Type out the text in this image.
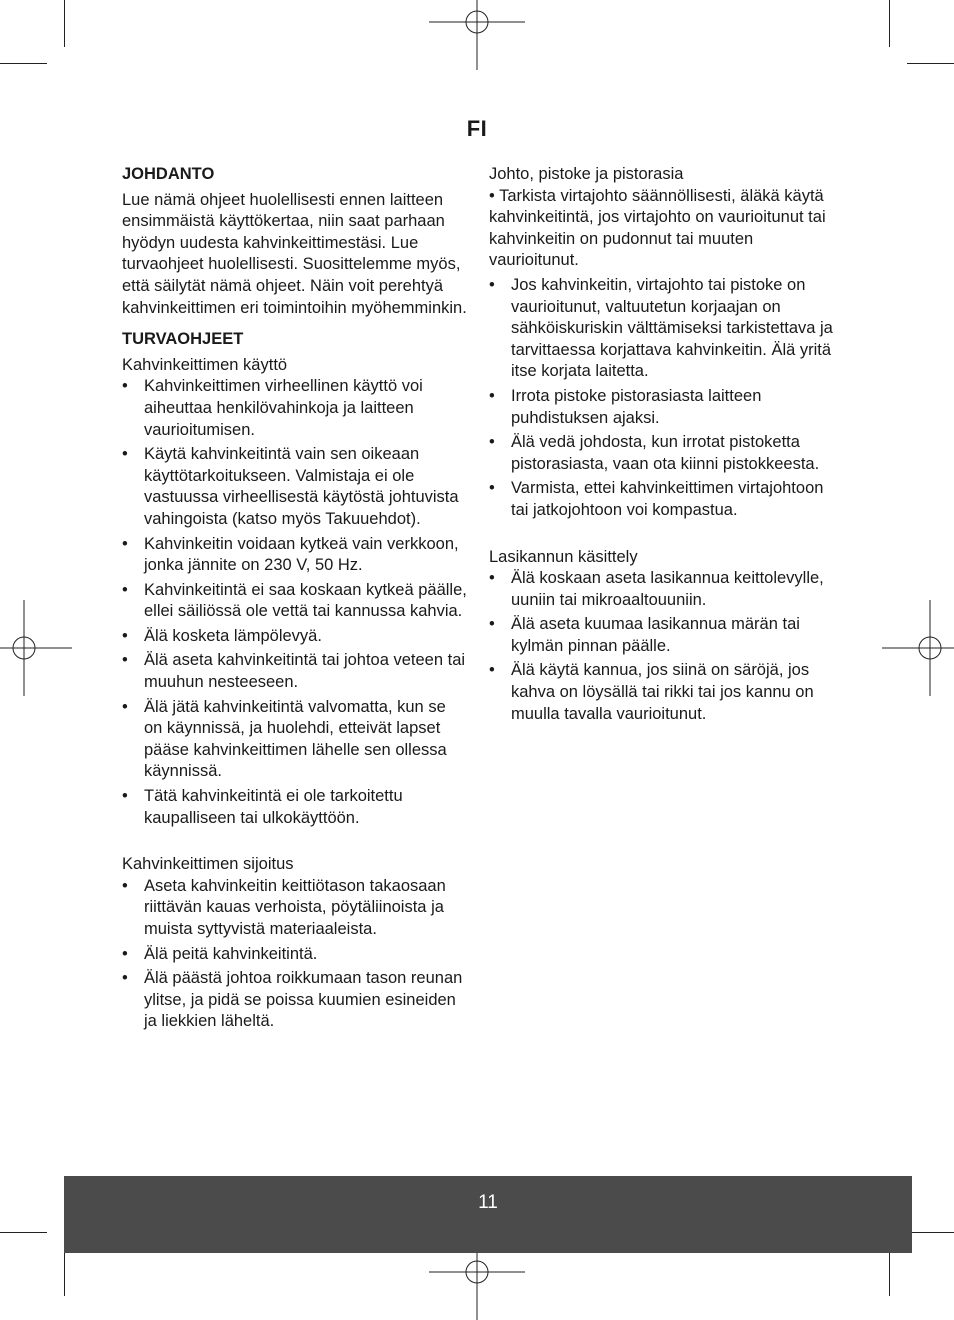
FI

JOHDANTO

Lue nämä ohjeet huolellisesti ennen laitteen ensimmäistä käyttökertaa, niin saat parhaan hyödyn uudesta kahvinkeittimestäsi. Lue turvaohjeet huolellisesti. Suosittelemme myös, että säilytät nämä ohjeet. Näin voit perehtyä kahvinkeittimen eri toimintoihin myöhemminkin.

TURVAOHJEET

Kahvinkeittimen käyttö

• Kahvinkeittimen virheellinen käyttö voi aiheuttaa henkilövahinkoja ja laitteen vaurioitumisen.
• Käytä kahvinkeitintä vain sen oikeaan käyttötarkoitukseen. Valmistaja ei ole vastuussa virheellisestä käytöstä johtuvista vahingoista (katso myös Takuuehdot).
• Kahvinkeitin voidaan kytkeä vain verkkoon, jonka jännite on 230 V, 50 Hz.
• Kahvinkeitintä ei saa koskaan kytkeä päälle, ellei säiliössä ole vettä tai kannussa kahvia.
• Älä kosketa lämpölevyä.
• Älä aseta kahvinkeitintä tai johtoa veteen tai muuhun nesteeseen.
• Älä jätä kahvinkeitintä valvomatta, kun se on käynnissä, ja huolehdi, etteivät lapset pääse kahvinkeittimen lähelle sen ollessa käynnissä.
• Tätä kahvinkeitintä ei ole tarkoitettu kaupalliseen tai ulkokäyttöön.

Kahvinkeittimen sijoitus

• Aseta kahvinkeitin keittiötason takaosaan riittävän kauas verhoista, pöytäliinoista ja muista syttyvistä materiaaleista.
• Älä peitä kahvinkeitintä.
• Älä päästä johtoa roikkumaan tason reunan ylitse, ja pidä se poissa kuumien esineiden ja liekkien läheltä.

Johto, pistoke ja pistorasia

• Tarkista virtajohto säännöllisesti, äläkä käytä kahvinkeitintä, jos virtajohto on vaurioitunut tai kahvinkeitin on pudonnut tai muuten vaurioitunut.
• Jos kahvinkeitin, virtajohto tai pistoke on vaurioitunut, valtuutetun korjaajan on sähköiskuriskin välttämiseksi tarkistettava ja tarvittaessa korjattava kahvinkeitin. Älä yritä itse korjata laitetta.
• Irrota pistoke pistorasiasta laitteen puhdistuksen ajaksi.
• Älä vedä johdosta, kun irrotat pistoketta pistorasiasta, vaan ota kiinni pistokkeesta.
• Varmista, ettei kahvinkeittimen virtajohtoon tai jatkojohtoon voi kompastua.

Lasikannun käsittely

• Älä koskaan aseta lasikannua keittolevylle, uuniin tai mikroaaltouuniin.
• Älä aseta kuumaa lasikannua märän tai kylmän pinnan päälle.
• Älä käytä kannua, jos siinä on säröjä, jos kahva on löysällä tai rikki tai jos kannu on muulla tavalla vaurioitunut.
11
